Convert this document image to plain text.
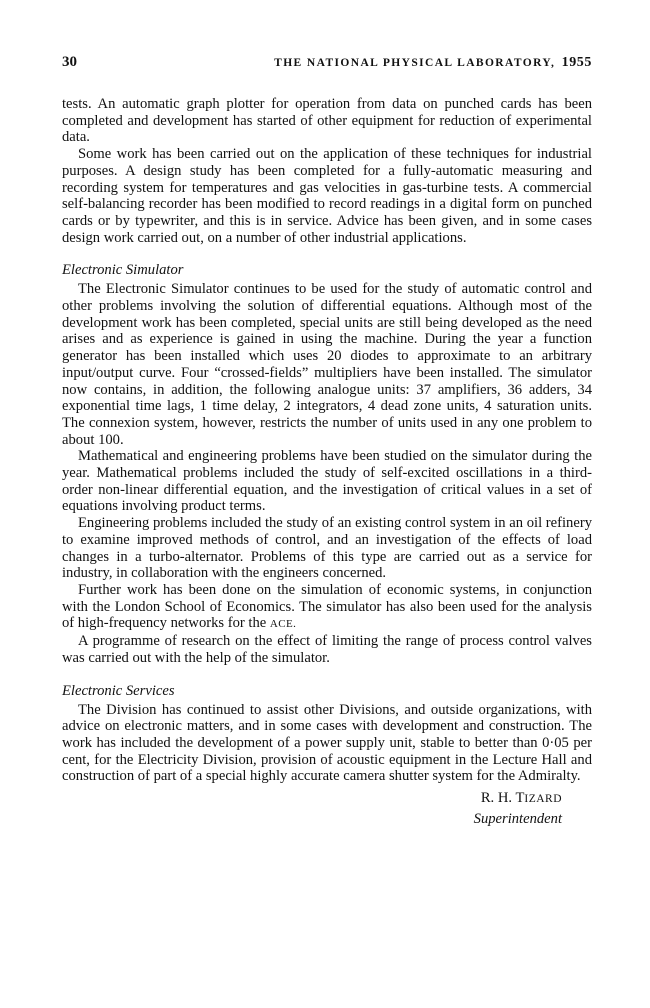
30	THE NATIONAL PHYSICAL LABORATORY, 1955

tests. An automatic graph plotter for operation from data on punched cards has been completed and development has started of other equipment for reduction of experimental data.

Some work has been carried out on the application of these techniques for industrial purposes. A design study has been completed for a fully-automatic measuring and recording system for temperatures and gas velocities in gas-turbine tests. A commercial self-balancing recorder has been modified to record readings in a digital form on punched cards or by typewriter, and this is in service. Advice has been given, and in some cases design work carried out, on a number of other industrial applications.

Electronic Simulator

The Electronic Simulator continues to be used for the study of automatic control and other problems involving the solution of differential equations. Although most of the development work has been completed, special units are still being developed as the need arises and as experience is gained in using the machine. During the year a function generator has been installed which uses 20 diodes to approximate to an arbitrary input/output curve. Four “crossed-fields” multipliers have been installed. The simulator now contains, in addition, the following analogue units: 37 amplifiers, 36 adders, 34 exponential time lags, 1 time delay, 2 integrators, 4 dead zone units, 4 saturation units. The connexion system, however, restricts the number of units used in any one problem to about 100.

Mathematical and engineering problems have been studied on the simulator during the year. Mathematical problems included the study of self-excited oscillations in a third-order non-linear differential equation, and the investigation of critical values in a set of equations involving product terms.

Engineering problems included the study of an existing control system in an oil refinery to examine improved methods of control, and an investigation of the effects of load changes in a turbo-alternator. Problems of this type are carried out as a service for industry, in collaboration with the engineers concerned.

Further work has been done on the simulation of economic systems, in conjunction with the London School of Economics. The simulator has also been used for the analysis of high-frequency networks for the ACE.

A programme of research on the effect of limiting the range of process control valves was carried out with the help of the simulator.

Electronic Services

The Division has continued to assist other Divisions, and outside organizations, with advice on electronic matters, and in some cases with development and construction. The work has included the development of a power supply unit, stable to better than 0·05 per cent, for the Electricity Division, provision of acoustic equipment in the Lecture Hall and construction of part of a special highly accurate camera shutter system for the Admiralty.

R. H. TIZARD
Superintendent
